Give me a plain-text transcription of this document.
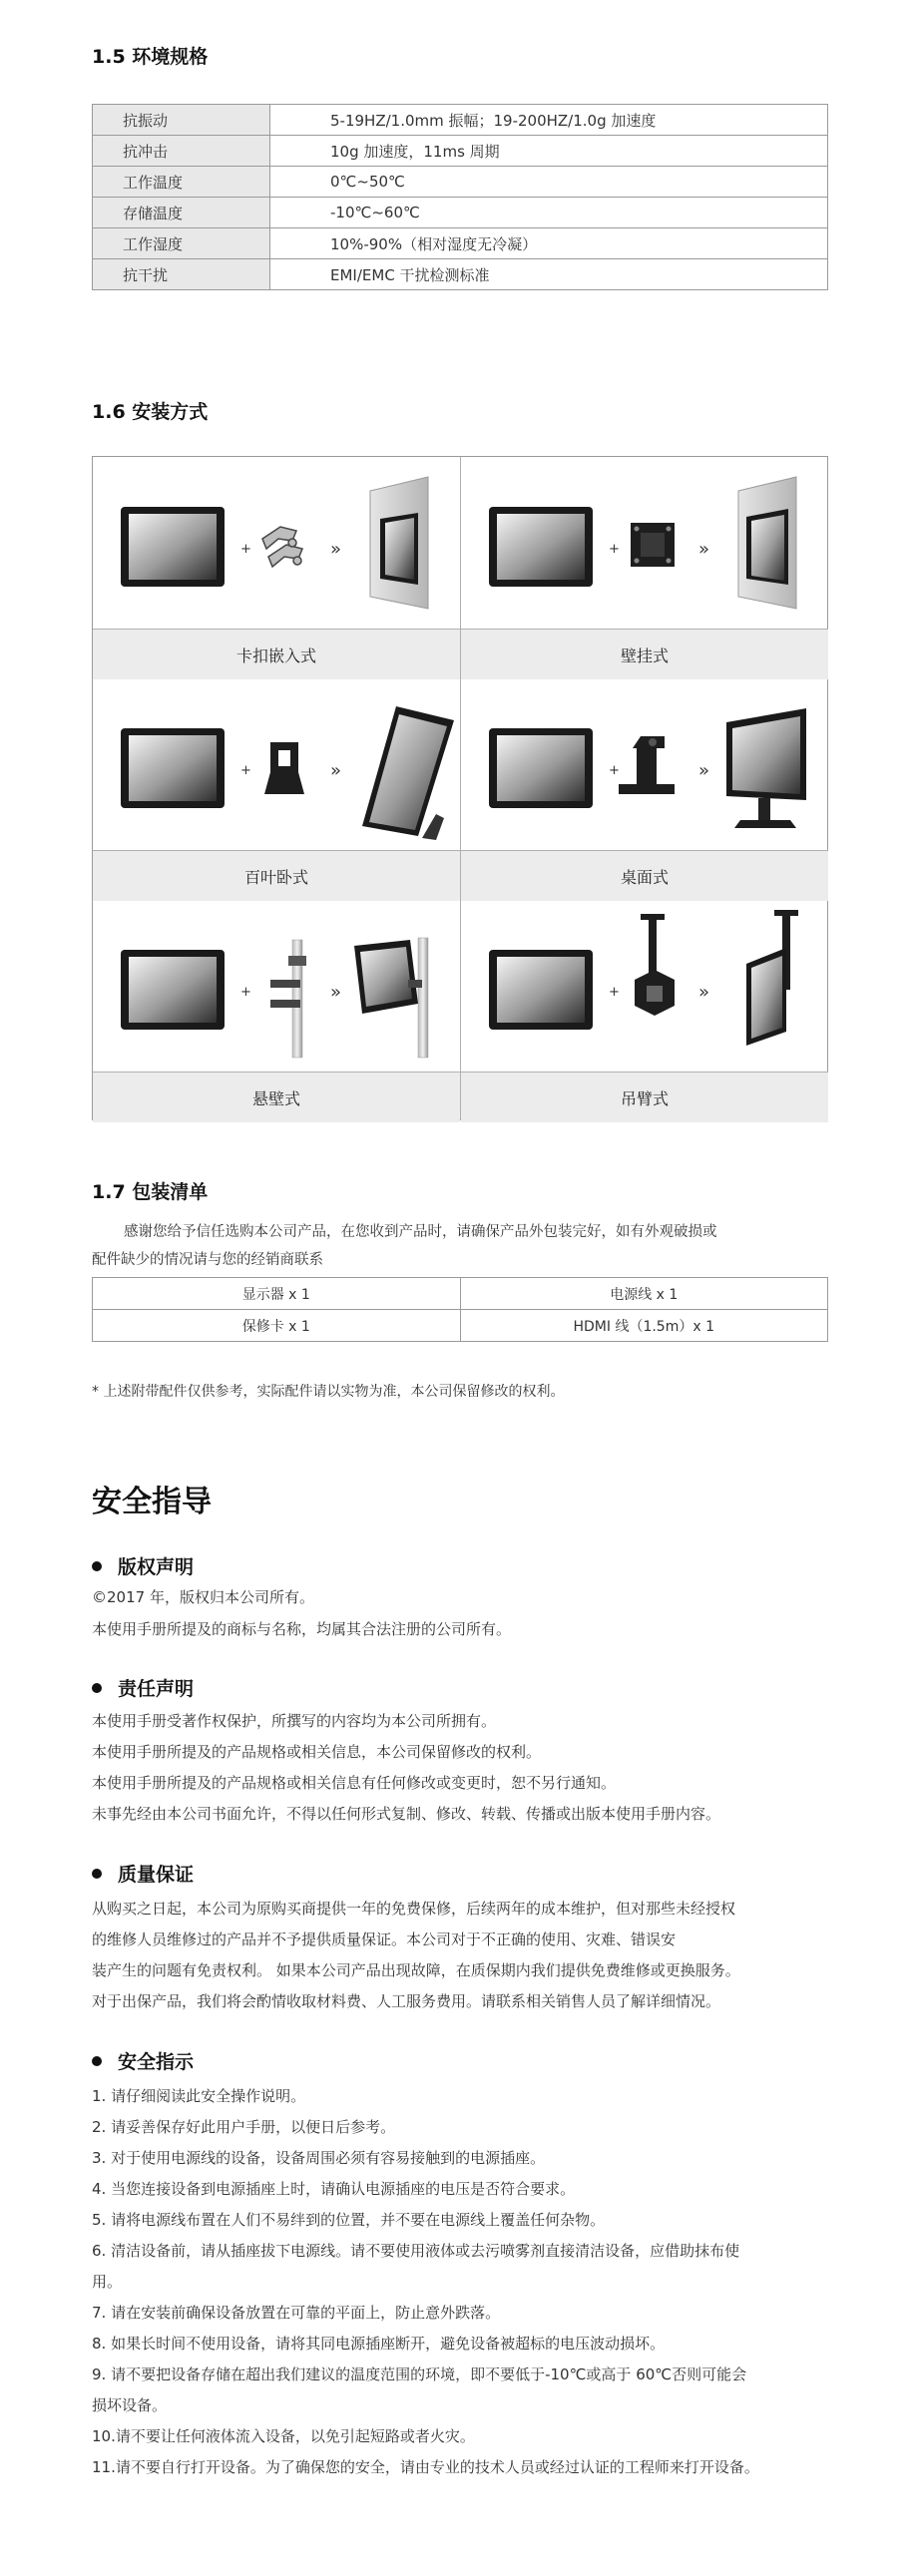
1.5 环境规格
抗振动	5-19HZ/1.0mm 振幅；19-200HZ/1.0g 加速度
抗冲击	10g 加速度，11ms 周期
工作温度	0℃~50℃
存储温度	-10℃~60℃
工作湿度	10%-90%（相对湿度无冷凝）
抗干扰	EMI/EMC 干扰检测标准
1.6 安装方式
+	»
卡扣嵌入式
+	»
壁挂式
+	»
百叶卧式
+	»
桌面式
+	»
悬壁式
+	»
吊臂式
1.7 包装清单
感谢您给予信任选购本公司产品，在您收到产品时，请确保产品外包装完好，如有外观破损或
配件缺少的情况请与您的经销商联系
显示器 x 1	电源线 x 1
保修卡 x 1	HDMI 线（1.5m）x 1
* 上述附带配件仅供参考，实际配件请以实物为准，本公司保留修改的权利。
安全指导
版权声明
©2017 年，版权归本公司所有。
本使用手册所提及的商标与名称，均属其合法注册的公司所有。
责任声明
本使用手册受著作权保护，所撰写的内容均为本公司所拥有。
本使用手册所提及的产品规格或相关信息，本公司保留修改的权利。
本使用手册所提及的产品规格或相关信息有任何修改或变更时，恕不另行通知。
未事先经由本公司书面允许，不得以任何形式复制、修改、转载、传播或出版本使用手册内容。
质量保证
从购买之日起，本公司为原购买商提供一年的免费保修，后续两年的成本维护，但对那些未经授权
的维修人员维修过的产品并不予提供质量保证。本公司对于不正确的使用、灾难、错误安
装产生的问题有免责权利。 如果本公司产品出现故障，在质保期内我们提供免费维修或更换服务。
对于出保产品，我们将会酌情收取材料费、人工服务费用。请联系相关销售人员了解详细情况。
安全指示
1. 请仔细阅读此安全操作说明。
2. 请妥善保存好此用户手册，以便日后参考。
3. 对于使用电源线的设备，设备周围必须有容易接触到的电源插座。
4. 当您连接设备到电源插座上时，请确认电源插座的电压是否符合要求。
5. 请将电源线布置在人们不易绊到的位置，并不要在电源线上覆盖任何杂物。
6. 清洁设备前，请从插座拔下电源线。请不要使用液体或去污喷雾剂直接清洁设备，应借助抹布使
用。
7. 请在安装前确保设备放置在可靠的平面上，防止意外跌落。
8. 如果长时间不使用设备，请将其同电源插座断开，避免设备被超标的电压波动损坏。
9. 请不要把设备存储在超出我们建议的温度范围的环境，即不要低于-10℃或高于 60℃否则可能会
损坏设备。
10.请不要让任何液体流入设备，以免引起短路或者火灾。
11.请不要自行打开设备。为了确保您的安全，请由专业的技术人员或经过认证的工程师来打开设备。
